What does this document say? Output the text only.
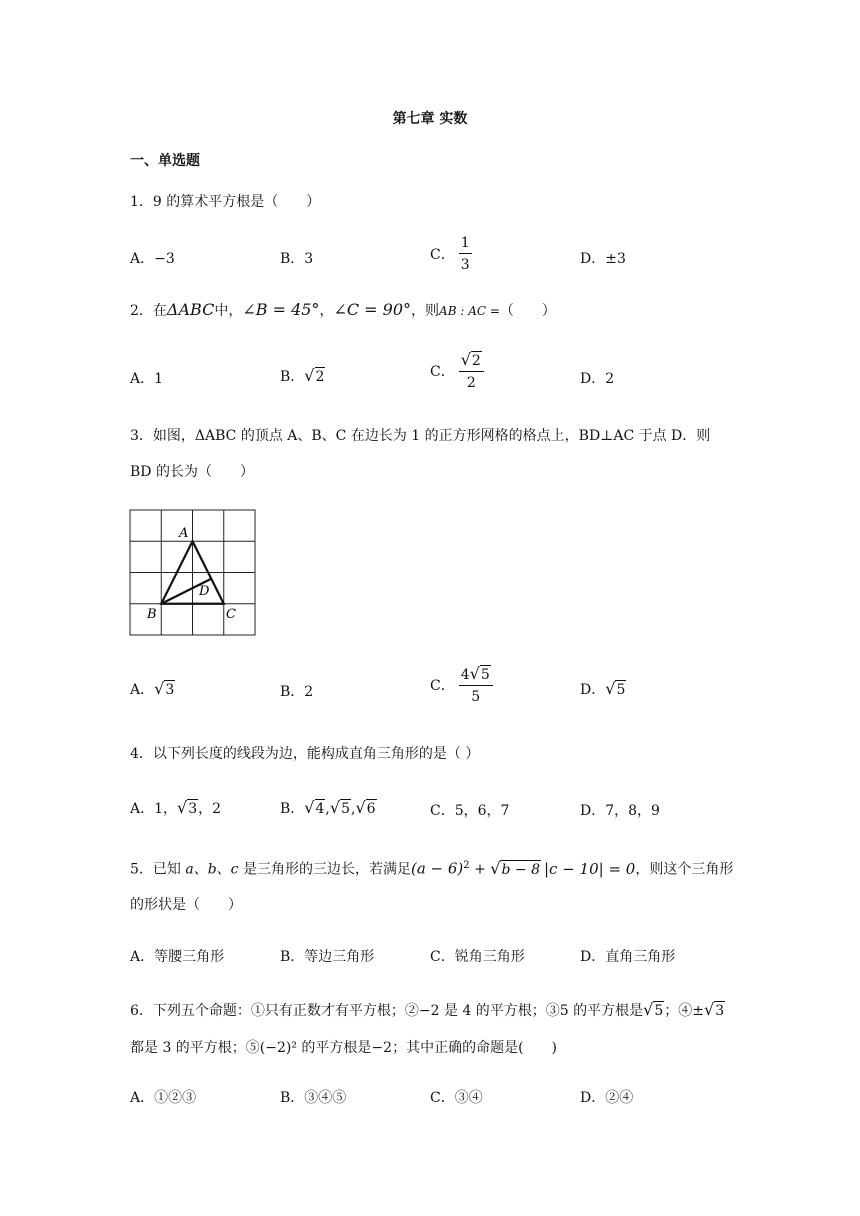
第七章 实数
一、单选题
1．9 的算术平方根是（　　）
A．−3	B．3	C． $\frac{1}{3}$	D．±3
2．在ΔABC中，∠B = 45°，∠C = 90°，则AB : AC =（　　）
A．1	B．√2	C． $\frac{√2}{2}$	D．2
3．如图，ΔABC 的顶点 A、B、C 在边长为 1 的正方形网格的格点上，BD⊥AC 于点 D．则
BD 的长为（　　）
A
B	C
D
A．√3	B．2	C． $\frac{4√5}{5}$	D．√5
4．以下列长度的线段为边，能构成直角三角形的是（ ）
A．1，√3，2	B．√4,√5,√6	C．5，6，7	D．7，8，9
5．已知 a、b、c 是三角形的三边长，若满足$(a - 6)^2 + √b - 8$ |c − 10| = 0，则这个三角形
的形状是（　　）
A．等腰三角形	B．等边三角形	C．锐角三角形	D．直角三角形
6．下列五个命题：①只有正数才有平方根；②−2 是 4 的平方根；③5 的平方根是√5；④±√3
都是 3 的平方根；⑤(−2)² 的平方根是−2；其中正确的命题是(　　)
A．①②③	B．③④⑤	C．③④	D．②④
